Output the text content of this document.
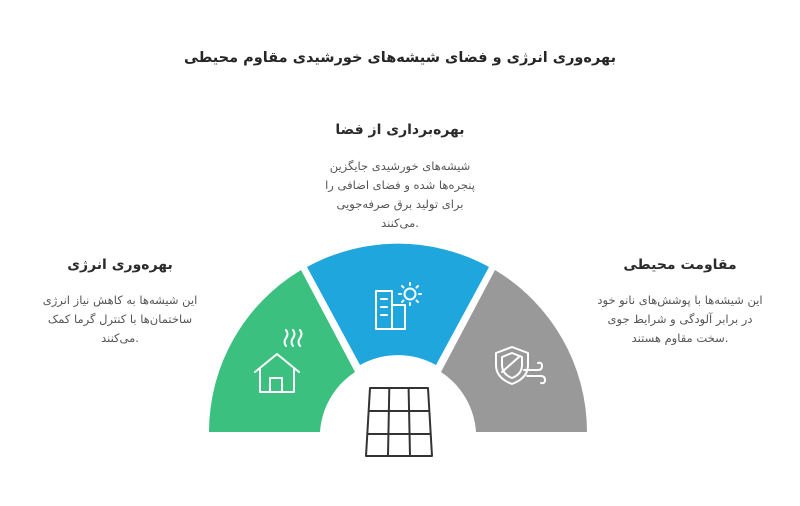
بهره‌وری انرژی و فضای شیشه‌های خورشیدی مقاوم محیطی
بهره‌برداری از فضا

شیشه‌های خورشیدی جایگزین
پنجره‌ها شده و فضای اضافی را
برای تولید برق صرفه‌جویی
.می‌کنند

بهره‌وری انرژی

این شیشه‌ها به کاهش نیاز انرژی
ساختمان‌ها با کنترل گرما کمک
.می‌کنند

مقاومت محیطی

این شیشه‌ها با پوشش‌های نانو خود
در برابر آلودگی و شرایط جوی
.سخت مقاوم هستند
